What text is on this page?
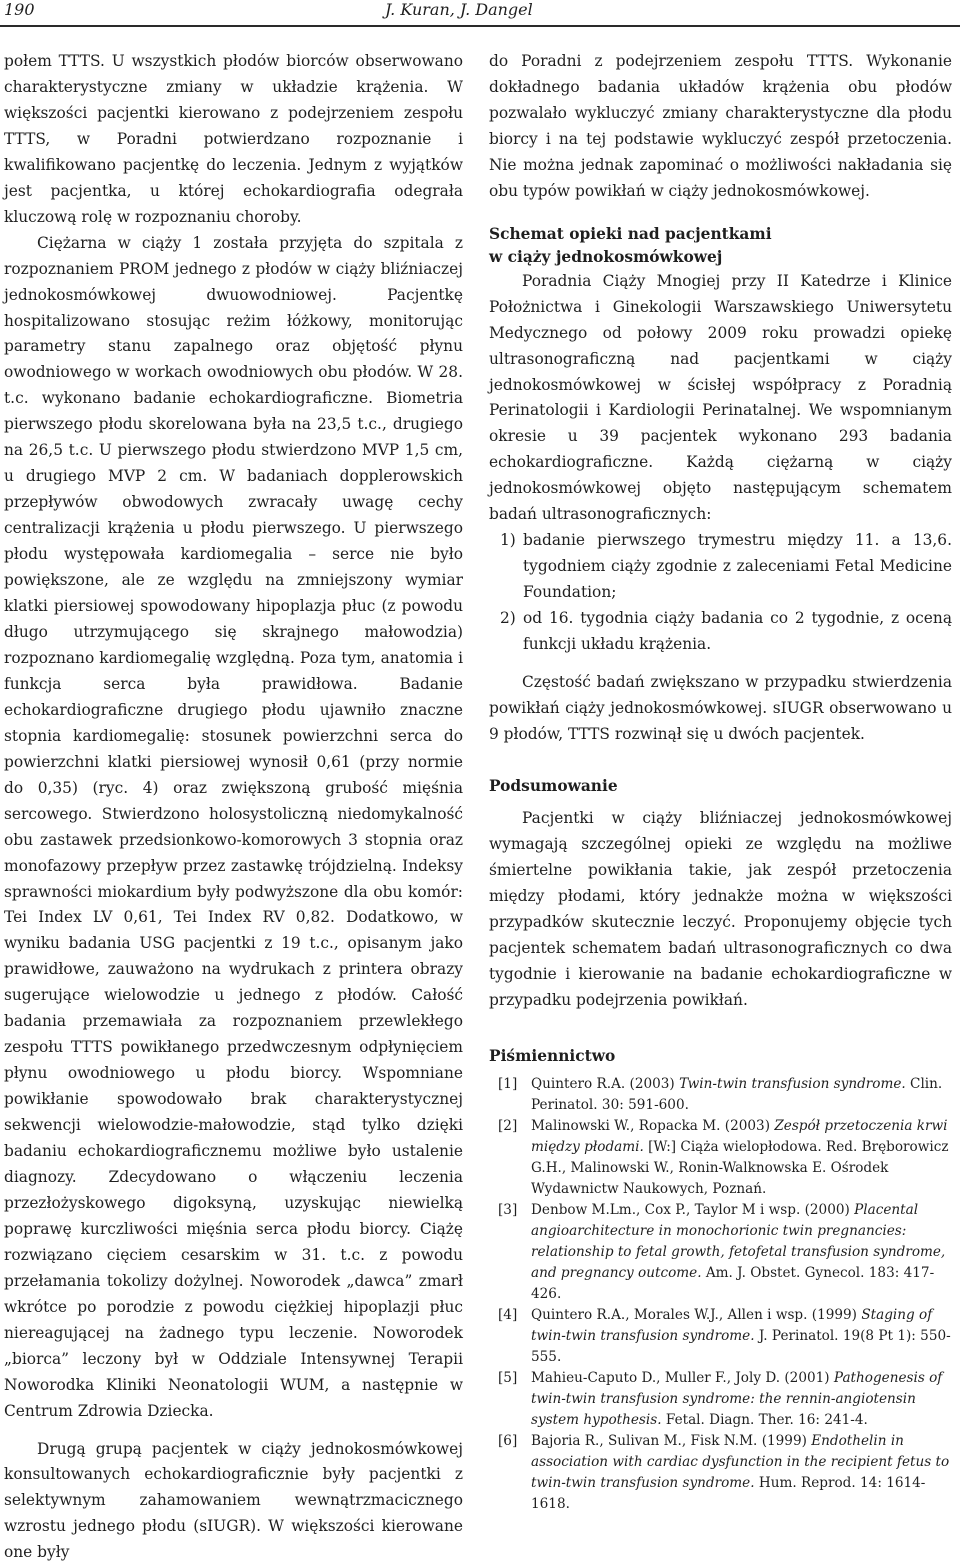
190	J. Kuran, J. Dangel

połem TTTS. U wszystkich płodów biorców obserwowano charakterystyczne zmiany w układzie krążenia. W większości pacjentki kierowano z podejrzeniem zespołu TTTS, w Poradni potwierdzano rozpoznanie i kwalifikowano pacjentkę do leczenia. Jednym z wyjątków jest pacjentka, u której echokardiografia odegrała kluczową rolę w rozpoznaniu choroby.

Ciężarna w ciąży 1 została przyjęta do szpitala z rozpoznaniem PROM jednego z płodów w ciąży bliźniaczej jednokosmówkowej dwuowodniowej. Pacjentkę hospitalizowano stosując reżim łóżkowy, monitorując parametry stanu zapalnego oraz objętość płynu owodniowego w workach owodniowych obu płodów. W 28. t.c. wykonano badanie echokardiograficzne. Biometria pierwszego płodu skorelowana była na 23,5 t.c., drugiego na 26,5 t.c. U pierwszego płodu stwierdzono MVP 1,5 cm, u drugiego MVP 2 cm. W badaniach dopplerowskich przepływów obwodowych zwracały uwagę cechy centralizacji krążenia u płodu pierwszego. U pierwszego płodu występowała kardiomegalia – serce nie było powiększone, ale ze względu na zmniejszony wymiar klatki piersiowej spowodowany hipoplazja płuc (z powodu długo utrzymującego się skrajnego małowodzia) rozpoznano kardiomegalię względną. Poza tym, anatomia i funkcja serca była prawidłowa. Badanie echokardiograficzne drugiego płodu ujawniło znaczne stopnia kardiomegalię: stosunek powierzchni serca do powierzchni klatki piersiowej wynosił 0,61 (przy normie do 0,35) (ryc. 4) oraz zwiększoną grubość mięśnia sercowego. Stwierdzono holosystoliczną niedomykalność obu zastawek przedsionkowo-komorowych 3 stopnia oraz monofazowy przepływ przez zastawkę trójdzielną. Indeksy sprawności miokardium były podwyższone dla obu komór: Tei Index LV 0,61, Tei Index RV 0,82. Dodatkowo, w wyniku badania USG pacjentki z 19 t.c., opisanym jako prawidłowe, zauważono na wydrukach z printera obrazy sugerujące wielowodzie u jednego z płodów. Całość badania przemawiała za rozpoznaniem przewlekłego zespołu TTTS powikłanego przedwczesnym odpłynięciem płynu owodniowego u płodu biorcy. Wspomniane powikłanie spowodowało brak charakterystycznej sekwencji wielowodzie-małowodzie, stąd tylko dzięki badaniu echokardiograficznemu możliwe było ustalenie diagnozy. Zdecydowano o włączeniu leczenia przezłożyskowego digoksyną, uzyskując niewielką poprawę kurczliwości mięśnia serca płodu biorcy. Ciążę rozwiązano cięciem cesarskim w 31. t.c. z powodu przełamania tokolizy dożylnej. Noworodek „dawca” zmarł wkrótce po porodzie z powodu ciężkiej hipoplazji płuc niereagującej na żadnego typu leczenie. Noworodek „biorca” leczony był w Oddziale Intensywnej Terapii Noworodka Kliniki Neonatologii WUM, a następnie w Centrum Zdrowia Dziecka.

Drugą grupą pacjentek w ciąży jednokosmówkowej konsultowanych echokardiograficznie były pacjentki z selektywnym zahamowaniem wewnątrzmacicznego wzrostu jednego płodu (sIUGR). W większości kierowane one były

do Poradni z podejrzeniem zespołu TTTS. Wykonanie dokładnego badania układów krążenia obu płodów pozwalało wykluczyć zmiany charakterystyczne dla płodu biorcy i na tej podstawie wykluczyć zespół przetoczenia. Nie można jednak zapominać o możliwości nakładania się obu typów powikłań w ciąży jednokosmówkowej.

Schemat opieki nad pacjentkami
w ciąży jednokosmówkowej

Poradnia Ciąży Mnogiej przy II Katedrze i Klinice Położnictwa i Ginekologii Warszawskiego Uniwersytetu Medycznego od połowy 2009 roku prowadzi opiekę ultrasonograficzną nad pacjentkami w ciąży jednokosmówkowej w ścisłej współpracy z Poradnią Perinatologii i Kardiologii Perinatalnej. We wspomnianym okresie u 39 pacjentek wykonano 293 badania echokardiograficzne. Każdą ciężarną w ciąży jednokosmówkowej objęto następującym schematem badań ultrasonograficznych:

1) badanie pierwszego trymestru między 11. a 13,6. tygodniem ciąży zgodnie z zaleceniami Fetal Medicine Foundation;
2) od 16. tygodnia ciąży badania co 2 tygodnie, z oceną funkcji układu krążenia.

Częstość badań zwiększano w przypadku stwierdzenia powikłań ciąży jednokosmówkowej. sIUGR obserwowano u 9 płodów, TTTS rozwinął się u dwóch pacjentek.

Podsumowanie

Pacjentki w ciąży bliźniaczej jednokosmówkowej wymagają szczególnej opieki ze względu na możliwe śmiertelne powikłania takie, jak zespół przetoczenia między płodami, który jednakże można w większości przypadków skutecznie leczyć. Proponujemy objęcie tych pacjentek schematem badań ultrasonograficznych co dwa tygodnie i kierowanie na badanie echokardiograficzne w przypadku podejrzenia powikłań.

Piśmiennictwo
[1] Quintero R.A. (2003) Twin-twin transfusion syndrome. Clin. Perinatol. 30: 591-600.
[2] Malinowski W., Ropacka M. (2003) Zespół przetoczenia krwi między płodami. [W:] Ciąża wielopłodowa. Red. Bręborowicz G.H., Malinowski W., Ronin-Walknowska E. Ośrodek Wydawnictw Naukowych, Poznań.
[3] Denbow M.Lm., Cox P., Taylor M i wsp. (2000) Placental angioarchitecture in monochorionic twin pregnancies: relationship to fetal growth, fetofetal transfusion syndrome, and pregnancy outcome. Am. J. Obstet. Gynecol. 183: 417-426.
[4] Quintero R.A., Morales W.J., Allen i wsp. (1999) Staging of twin-twin transfusion syndrome. J. Perinatol. 19(8 Pt 1): 550-555.
[5] Mahieu-Caputo D., Muller F., Joly D. (2001) Pathogenesis of twin-twin transfusion syndrome: the rennin-angiotensin system hypothesis. Fetal. Diagn. Ther. 16: 241-4.
[6] Bajoria R., Sulivan M., Fisk N.M. (1999) Endothelin in association with cardiac dysfunction in the recipient fetus to twin-twin transfusion syndrome. Hum. Reprod. 14: 1614-1618.
